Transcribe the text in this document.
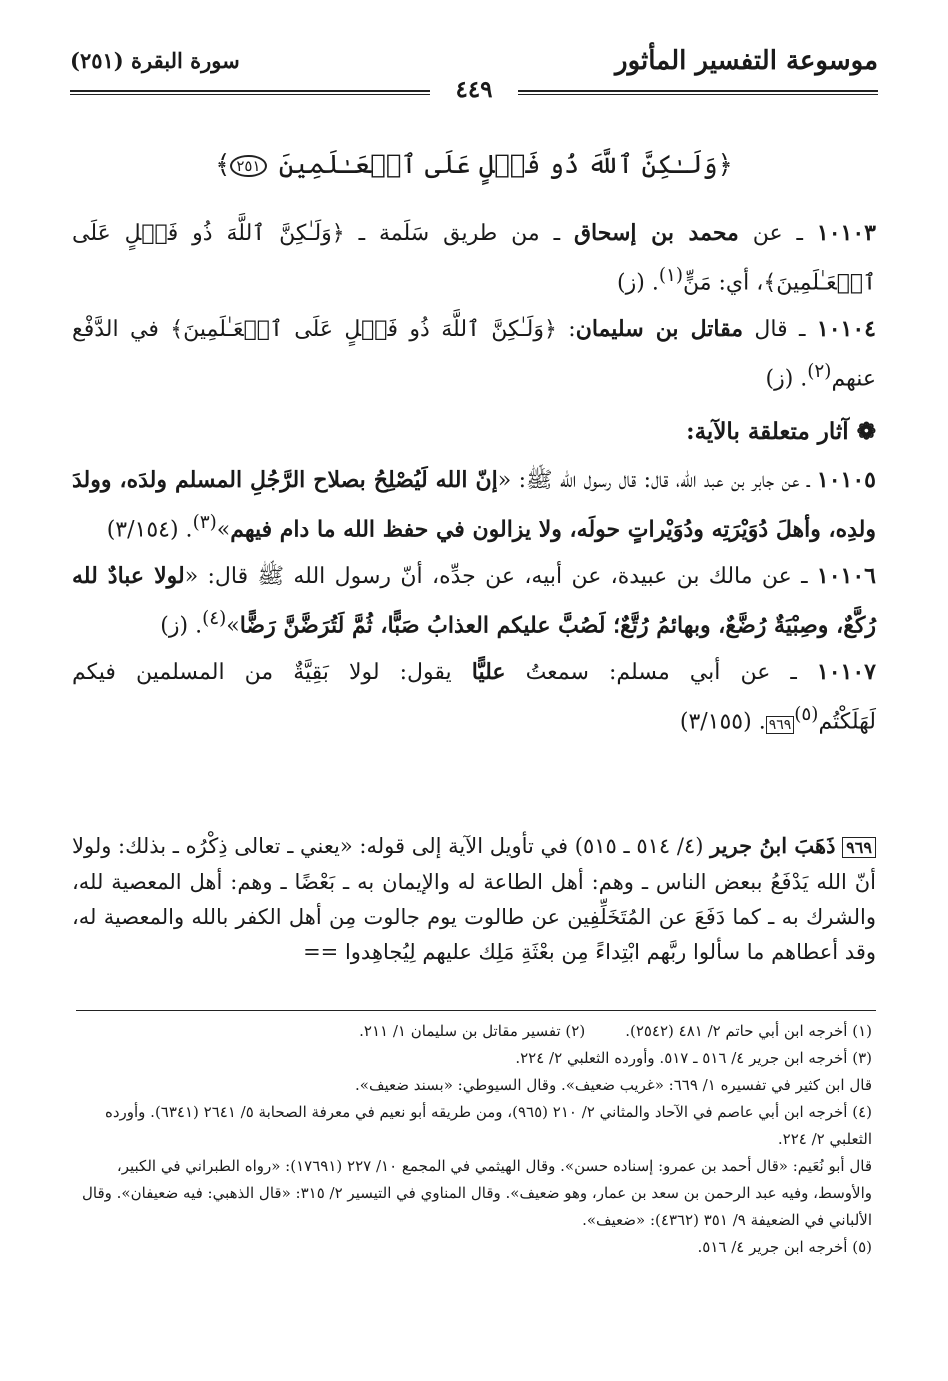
موسوعة التفسير المأثور
سورة البقرة (٢٥١)
٤٤٩
﴿وَلَـٰكِنَّ ٱللَّهَ ذُو فَضۡلٍ عَلَى ٱلۡعَـٰلَمِينَ ٢٥١﴾

١٠١٠٣ ـ عن محمد بن إسحاق ـ من طريق سَلَمة ـ ﴿وَلَـٰكِنَّ ٱللَّهَ ذُو فَضۡلٍ عَلَى ٱلۡعَـٰلَمِينَ﴾، أي: مَنٍّ$^{(١)}$. (ز)

١٠١٠٤ ـ قال مقاتل بن سليمان: ﴿وَلَـٰكِنَّ ٱللَّهَ ذُو فَضۡلٍ عَلَى ٱلۡعَـٰلَمِينَ﴾ في الدَّفْع عنهم$^{(٢)}$. (ز)

❁ آثار متعلقة بالآية:

١٠١٠٥ ـ عن جابر بن عبد الله، قال: قال رسول الله ﷺ: «إنّ الله لَيُصْلِحُ بصلاح الرَّجُلِ المسلم ولدَه، وولدَ ولدِه، وأهلَ دُوَيْرَتِه ودُوَيْراتٍ حولَه، ولا يزالون في حفظ الله ما دام فيهم»$^{(٣)}$. (٣/١٥٤)

١٠١٠٦ ـ عن مالك بن عبيدة، عن أبيه، عن جدِّه، أنّ رسول الله ﷺ قال: «لولا عبادٌ لله رُكَّعٌ، وصِبْيَةٌ رُضَّعٌ، وبهائمُ رُتَّعٌ؛ لَصُبَّ عليكم العذابُ صَبًّا، ثُمَّ لَتُرَضَّنَّ رَضًّا»$^{(٤)}$. (ز)

١٠١٠٧ ـ عن أبي مسلم: سمعتُ عليًّا يقول: لولا بَقِيَّةٌ من المسلمين فيكم لَهَلَكْتُم$^{(٥)}$٩٦٩. (٣/١٥٥)

٩٦٩ ذَهَبَ ابنُ جرير (٤/ ٥١٤ ـ ٥١٥) في تأويل الآية إلى قوله: «يعني ـ تعالى ذِكْرُه ـ بذلك: ولولا أنّ الله يَدْفَعُ ببعض الناس ـ وهم: أهل الطاعة له والإيمان به ـ بَعْضًا ـ وهم: أهل المعصية لله، والشرك به ـ كما دَفَعَ عن المُتَخَلِّفِين عن طالوت يوم جالوت مِن أهل الكفر بالله والمعصية له، وقد أعطاهم ما سألوا ربَّهم ابْتِداءً مِن بعْثَةِ مَلِك عليهم لِيُجاهِدوا ==
(١) أخرجه ابن أبي حاتم ٢/ ٤٨١ (٢٥٤٢).
(٢) تفسير مقاتل بن سليمان ١/ ٢١١.
(٣) أخرجه ابن جرير ٤/ ٥١٦ ـ ٥١٧. وأورده الثعلبي ٢/ ٢٢٤.
قال ابن كثير في تفسيره ١/ ٦٦٩: «غريب ضعيف». وقال السيوطي: «بسند ضعيف».
(٤) أخرجه ابن أبي عاصم في الآحاد والمثاني ٢/ ٢١٠ (٩٦٥)، ومن طريقه أبو نعيم في معرفة الصحابة ٥/ ٢٦٤١ (٦٣٤١). وأورده الثعلبي ٢/ ٢٢٤.
قال أبو نُعَيم: «قال أحمد بن عمرو: إسناده حسن». وقال الهيثمي في المجمع ١٠/ ٢٢٧ (١٧٦٩١): «رواه الطبراني في الكبير، والأوسط، وفيه عبد الرحمن بن سعد بن عمار، وهو ضعيف». وقال المناوي في التيسير ٢/ ٣١٥: «قال الذهبي: فيه ضعيفان». وقال الألباني في الضعيفة ٩/ ٣٥١ (٤٣٦٢): «ضعيف».
(٥) أخرجه ابن جرير ٤/ ٥١٦.
